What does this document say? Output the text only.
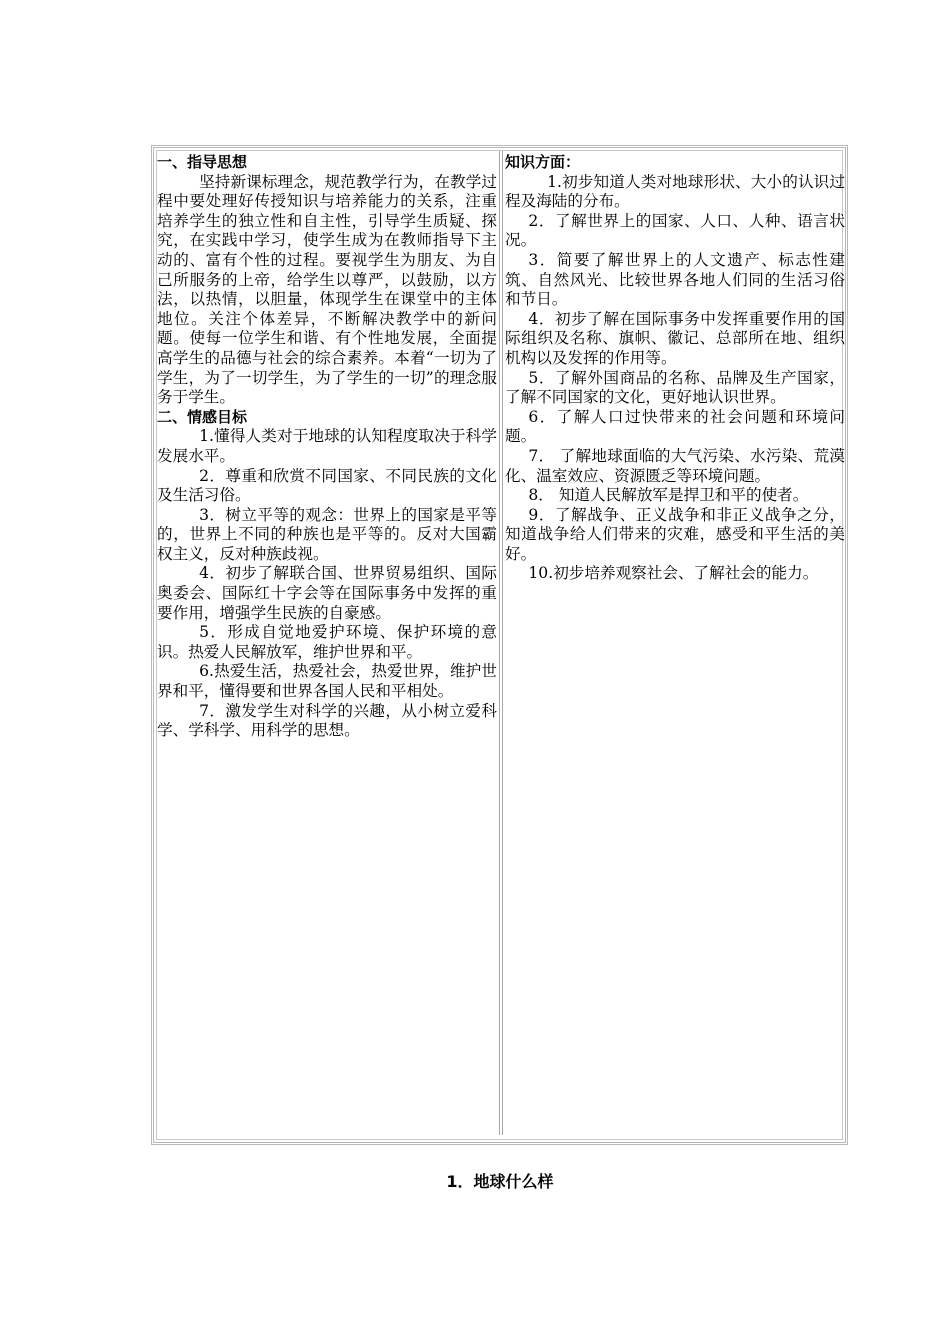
一、指导思想

坚持新课标理念，规范教学行为，在教学过程中要处理好传授知识与培养能力的关系，注重培养学生的独立性和自主性，引导学生质疑、探究，在实践中学习，使学生成为在教师指导下主动的、富有个性的过程。要视学生为朋友、为自己所服务的上帝，给学生以尊严，以鼓励，以方法，以热情，以胆量，体现学生在课堂中的主体地位。关注个体差异，不断解决教学中的新问题。使每一位学生和谐、有个性地发展，全面提高学生的品德与社会的综合素养。本着“一切为了学生，为了一切学生，为了学生的一切”的理念服务于学生。

二、情感目标

1.懂得人类对于地球的认知程度取决于科学发展水平。

2．尊重和欣赏不同国家、不同民族的文化及生活习俗。

3．树立平等的观念：世界上的国家是平等的，世界上不同的种族也是平等的。反对大国霸权主义，反对种族歧视。

4．初步了解联合国、世界贸易组织、国际奥委会、国际红十字会等在国际事务中发挥的重要作用，增强学生民族的自豪感。

5．形成自觉地爱护环境、保护环境的意识。热爱人民解放军，维护世界和平。

6.热爱生活，热爱社会，热爱世界，维护世界和平，懂得要和世界各国人民和平相处。

7．激发学生对科学的兴趣，从小树立爱科学、学科学、用科学的思想。

知识方面：

1.初步知道人类对地球形状、大小的认识过程及海陆的分布。

2．了解世界上的国家、人口、人种、语言状况。

3．简要了解世界上的人文遗产、标志性建筑、自然风光、比较世界各地人们同的生活习俗和节日。

4．初步了解在国际事务中发挥重要作用的国际组织及名称、旗帜、徽记、总部所在地、组织机构以及发挥的作用等。

5．了解外国商品的名称、品牌及生产国家，了解不同国家的文化，更好地认识世界。

6．了解人口过快带来的社会问题和环境问题。

7． 了解地球面临的大气污染、水污染、荒漠化、温室效应、资源匮乏等环境问题。

8． 知道人民解放军是捍卫和平的使者。

9．了解战争、正义战争和非正义战争之分，知道战争给人们带来的灾难，感受和平生活的美好。

10.初步培养观察社会、了解社会的能力。

1．地球什么样
